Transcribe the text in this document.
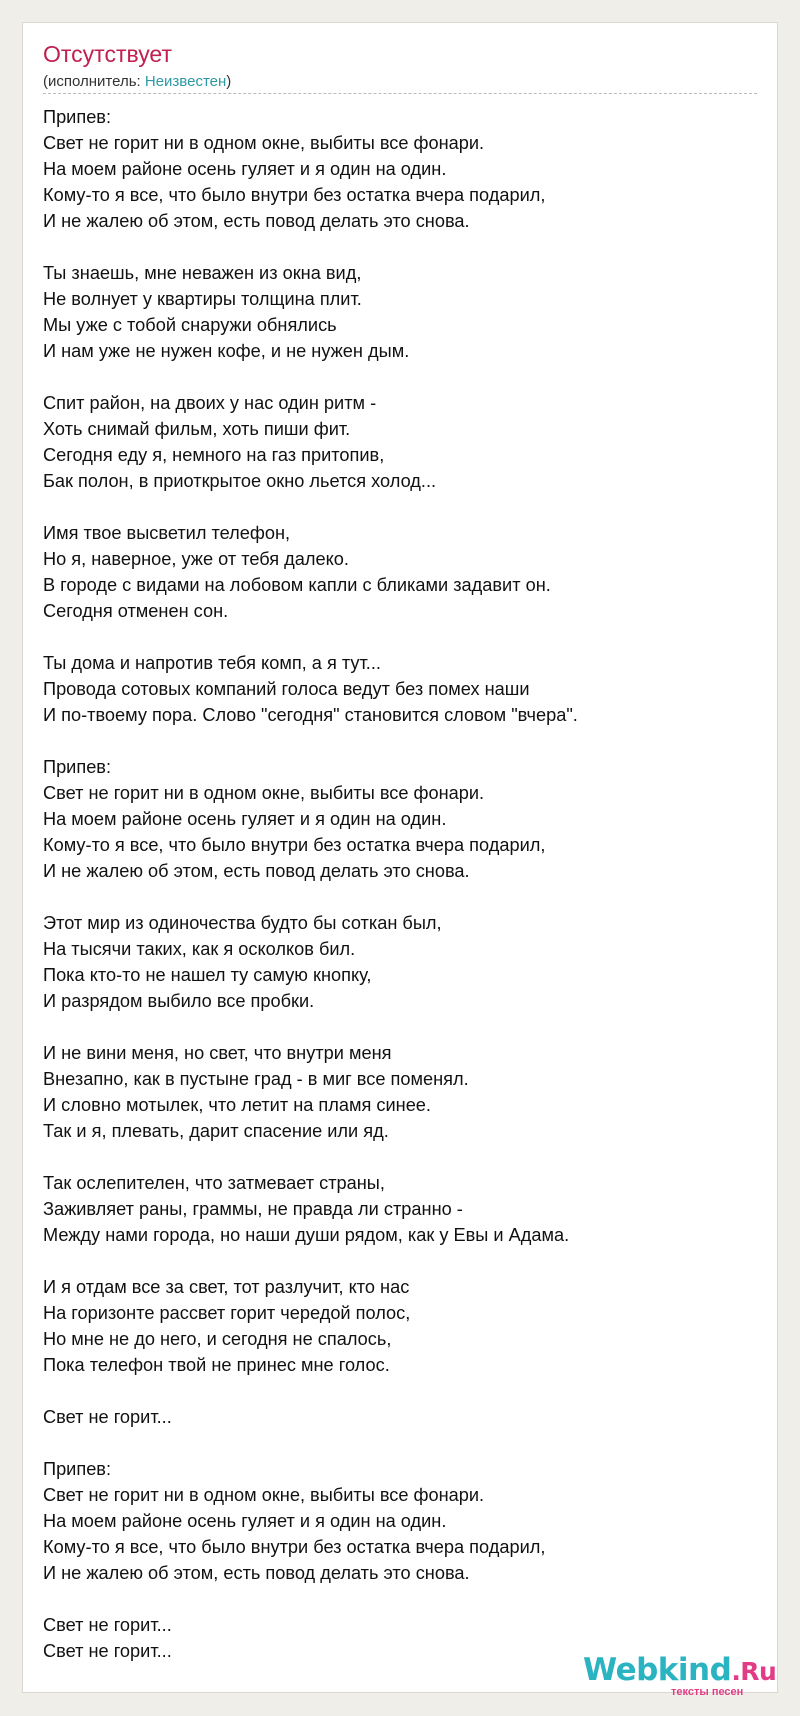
Отсутствует
(исполнитель: Неизвестен)
Припев:
Свет не горит ни в одном окне, выбиты все фонари.
На моем районе осень гуляет и я один на один.
Кому-то я все, что было внутри без остатка вчера подарил,
И не жалею об этом, есть повод делать это снова.
Ты знаешь, мне неважен из окна вид,
Не волнует у квартиры толщина плит.
Мы уже с тобой снаружи обнялись
И нам уже не нужен кофе, и не нужен дым.
Спит район, на двоих у нас один ритм -
Хоть снимай фильм, хоть пиши фит.
Сегодня еду я, немного на газ притопив,
Бак полон, в приоткрытое окно льется холод...
Имя твое высветил телефон,
Но я, наверное, уже от тебя далеко.
В городе с видами на лобовом капли с бликами задавит он.
Сегодня отменен сон.
Ты дома и напротив тебя комп, а я тут...
Провода сотовых компаний голоса ведут без помех наши
И по-твоему пора. Слово "сегодня" становится словом "вчера".
Припев:
Свет не горит ни в одном окне, выбиты все фонари.
На моем районе осень гуляет и я один на один.
Кому-то я все, что было внутри без остатка вчера подарил,
И не жалею об этом, есть повод делать это снова.
Этот мир из одиночества будто бы соткан был,
На тысячи таких, как я осколков бил.
Пока кто-то не нашел ту самую кнопку,
И разрядом выбило все пробки.
И не вини меня, но свет, что внутри меня
Внезапно, как в пустыне град - в миг все поменял.
И словно мотылек, что летит на пламя синее.
Так и я, плевать, дарит спасение или яд.
Так ослепителен, что затмевает страны,
Заживляет раны, граммы, не правда ли странно -
Между нами города, но наши души рядом, как у Евы и Адама.
И я отдам все за свет, тот разлучит, кто нас
На горизонте рассвет горит чередой полос,
Но мне не до него, и сегодня не спалось,
Пока телефон твой не принес мне голос.
Свет не горит...
Припев:
Свет не горит ни в одном окне, выбиты все фонари.
На моем районе осень гуляет и я один на один.
Кому-то я все, что было внутри без остатка вчера подарил,
И не жалею об этом, есть повод делать это снова.
Свет не горит...
Свет не горит...
Webkind.Ru
тексты песен
